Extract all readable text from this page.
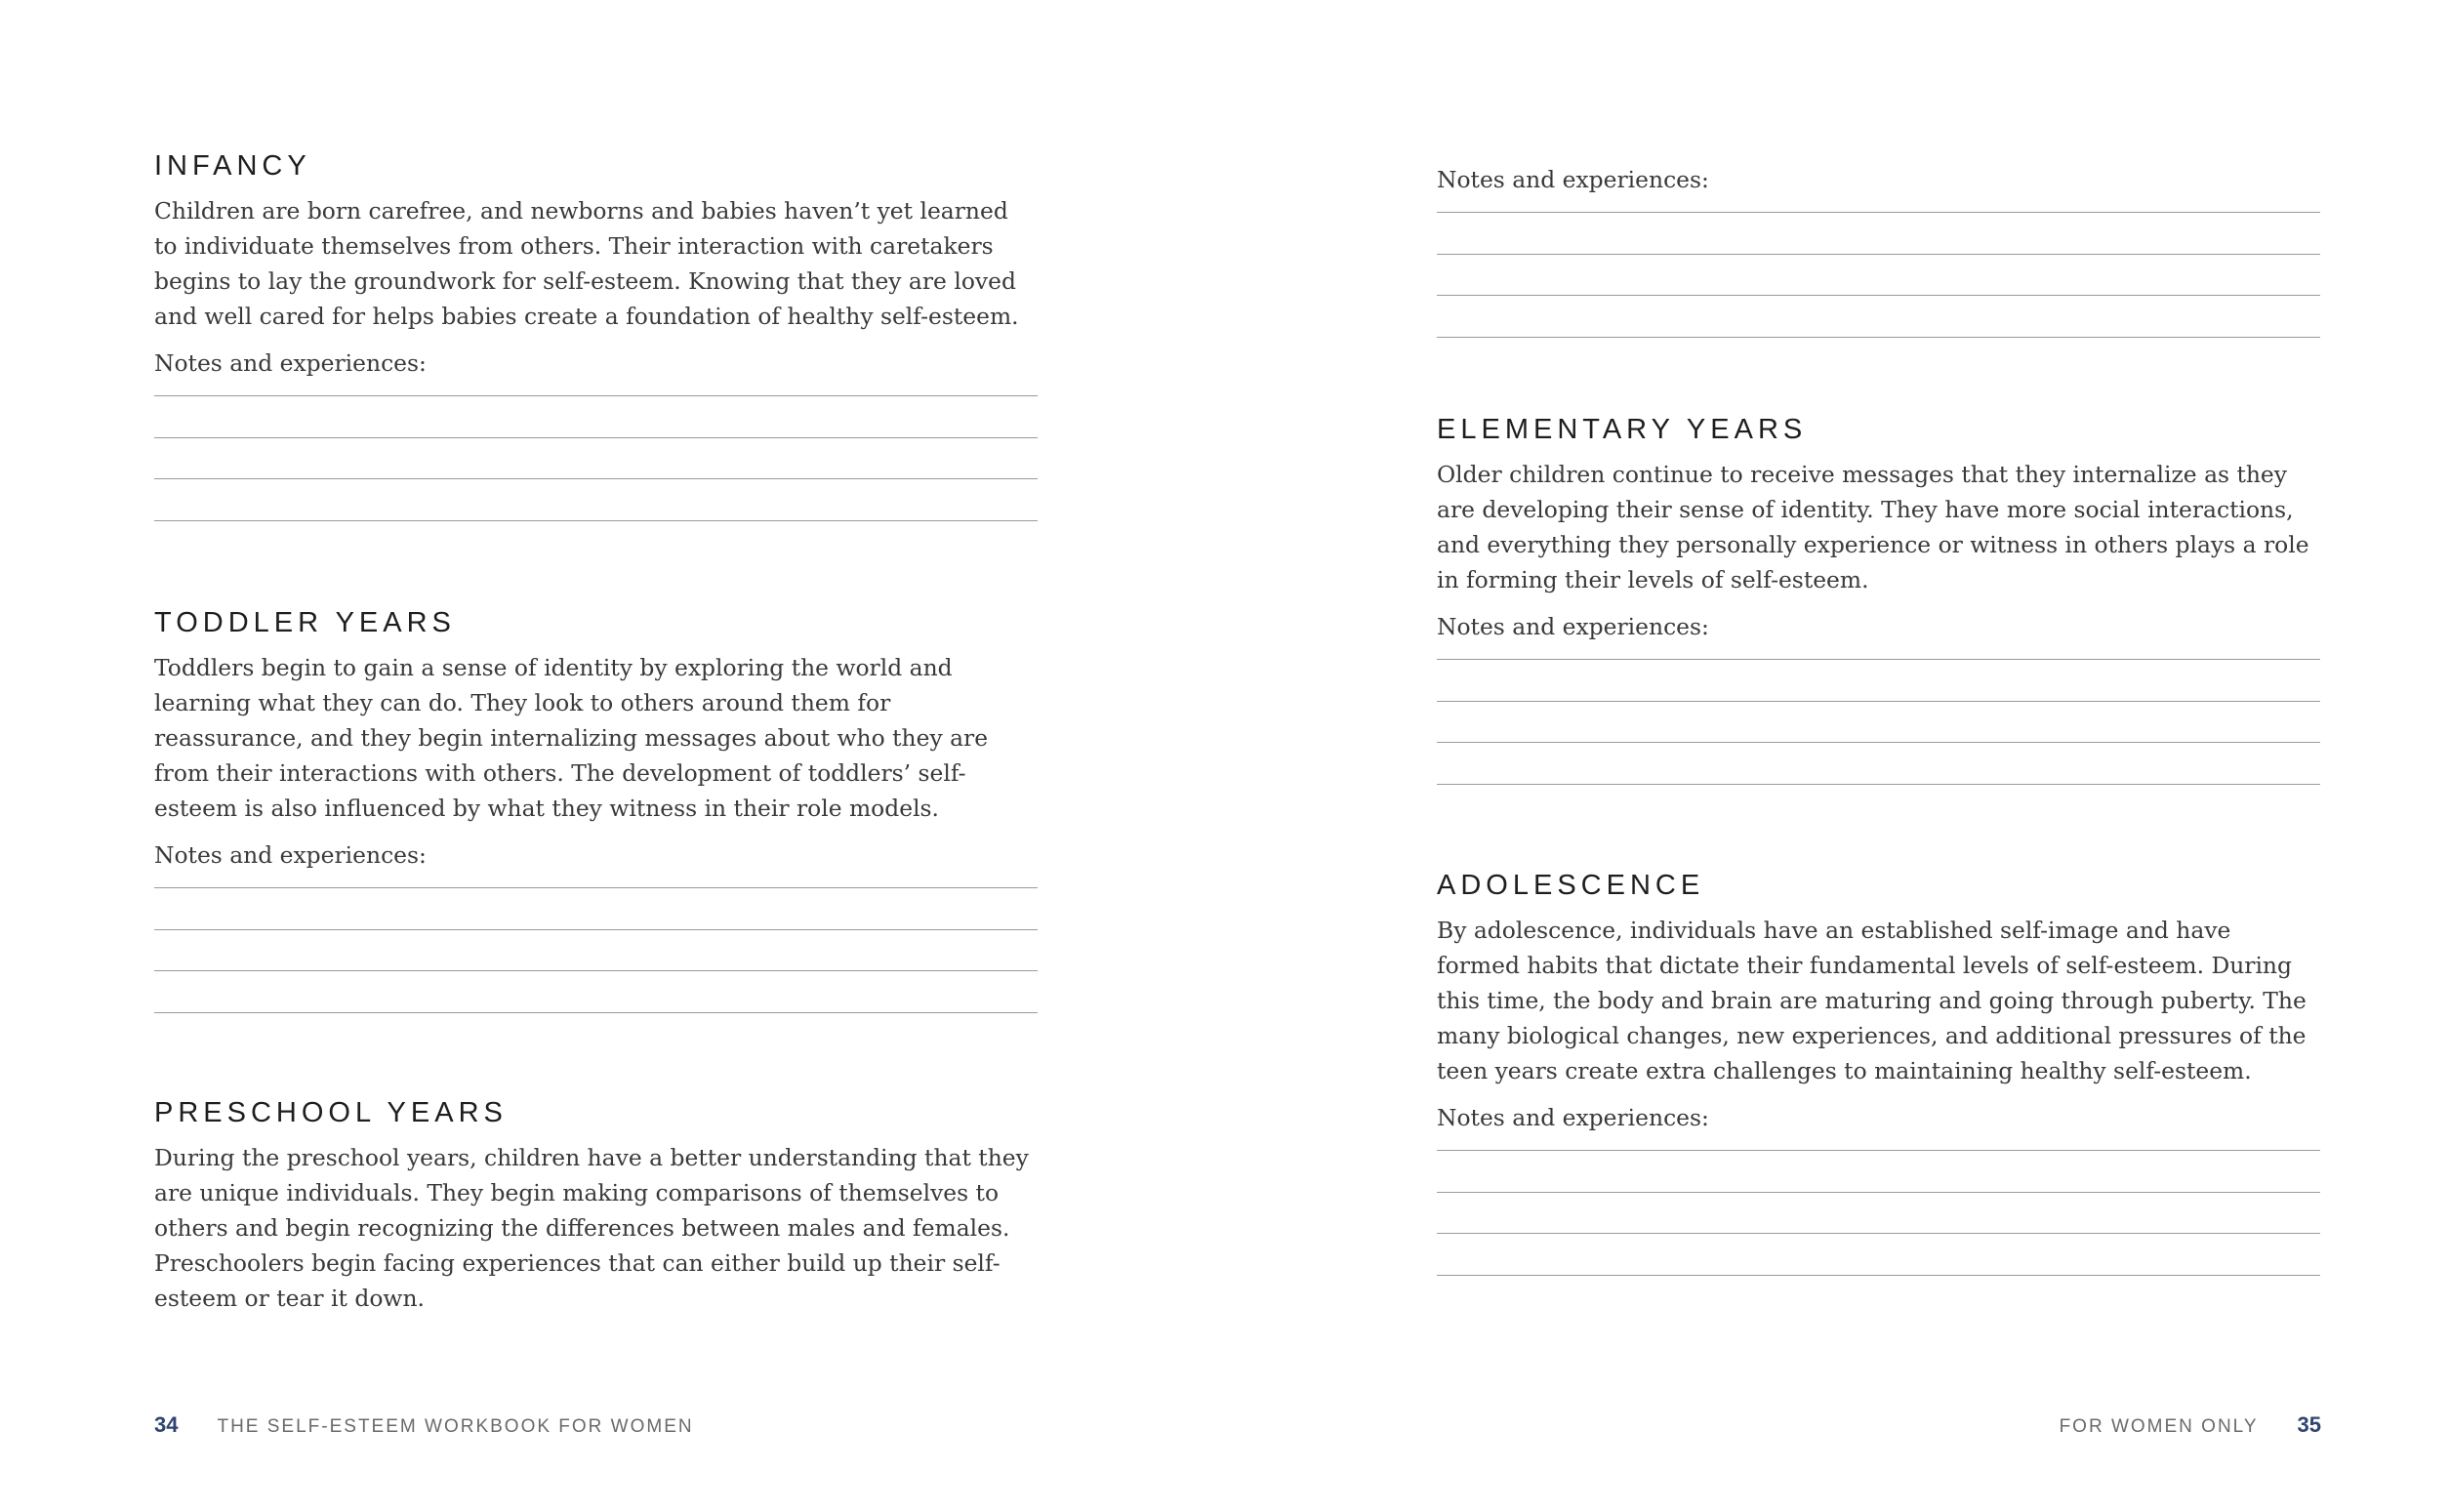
INFANCY

Children are born carefree, and newborns and babies haven’t yet learned to individuate themselves from others. Their interaction with caretakers begins to lay the groundwork for self-esteem. Knowing that they are loved and well cared for helps babies create a foundation of healthy self-esteem.

Notes and experiences:
TODDLER YEARS

Toddlers begin to gain a sense of identity by exploring the world and learning what they can do. They look to others around them for reassurance, and they begin internalizing messages about who they are from their interactions with others. The development of toddlers’ self-esteem is also influenced by what they witness in their role models.

Notes and experiences:
PRESCHOOL YEARS

During the preschool years, children have a better understanding that they are unique individuals. They begin making comparisons of themselves to others and begin recognizing the differences between males and females. Preschoolers begin facing experiences that can either build up their self-esteem or tear it down.

Notes and experiences:
ELEMENTARY YEARS

Older children continue to receive messages that they internalize as they are developing their sense of identity. They have more social interactions, and everything they personally experience or witness in others plays a role in forming their levels of self-esteem.

Notes and experiences:
ADOLESCENCE

By adolescence, individuals have an established self-image and have formed habits that dictate their fundamental levels of self-esteem. During this time, the body and brain are maturing and going through puberty. The many biological changes, new experiences, and additional pressures of the teen years create extra challenges to maintaining healthy self-esteem.

Notes and experiences:
34 THE SELF-ESTEEM WORKBOOK FOR WOMEN	FOR WOMEN ONLY 35
